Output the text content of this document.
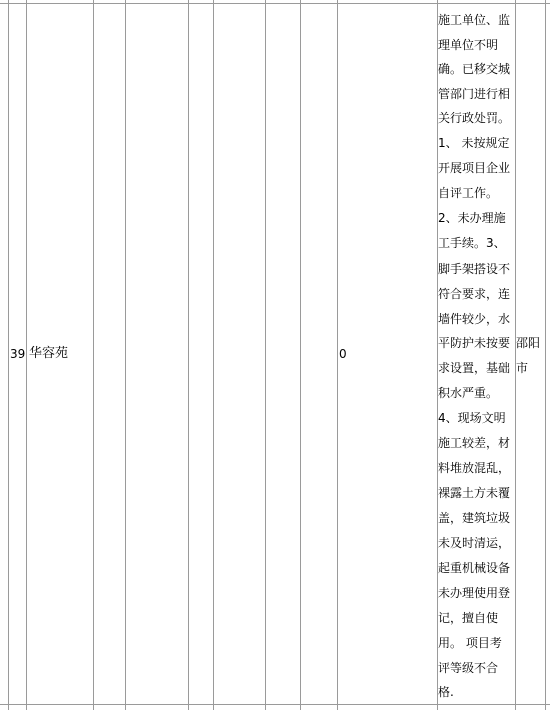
39 华容苑	0
邵阳
市
施工单位、监
理单位不明
确。已移交城
管部门进行相
关行政处罚。
1、 未按规定
开展项目企业
自评工作。
2、未办理施
工手续。3、
脚手架搭设不
符合要求，连
墙件较少，水
平防护未按要
求设置，基础
积水严重。
4、现场文明
施工较差，材
料堆放混乱，
裸露土方未覆
盖，建筑垃圾
未及时清运，
起重机械设备
未办理使用登
记，擅自使
用。 项目考
评等级不合
格.
